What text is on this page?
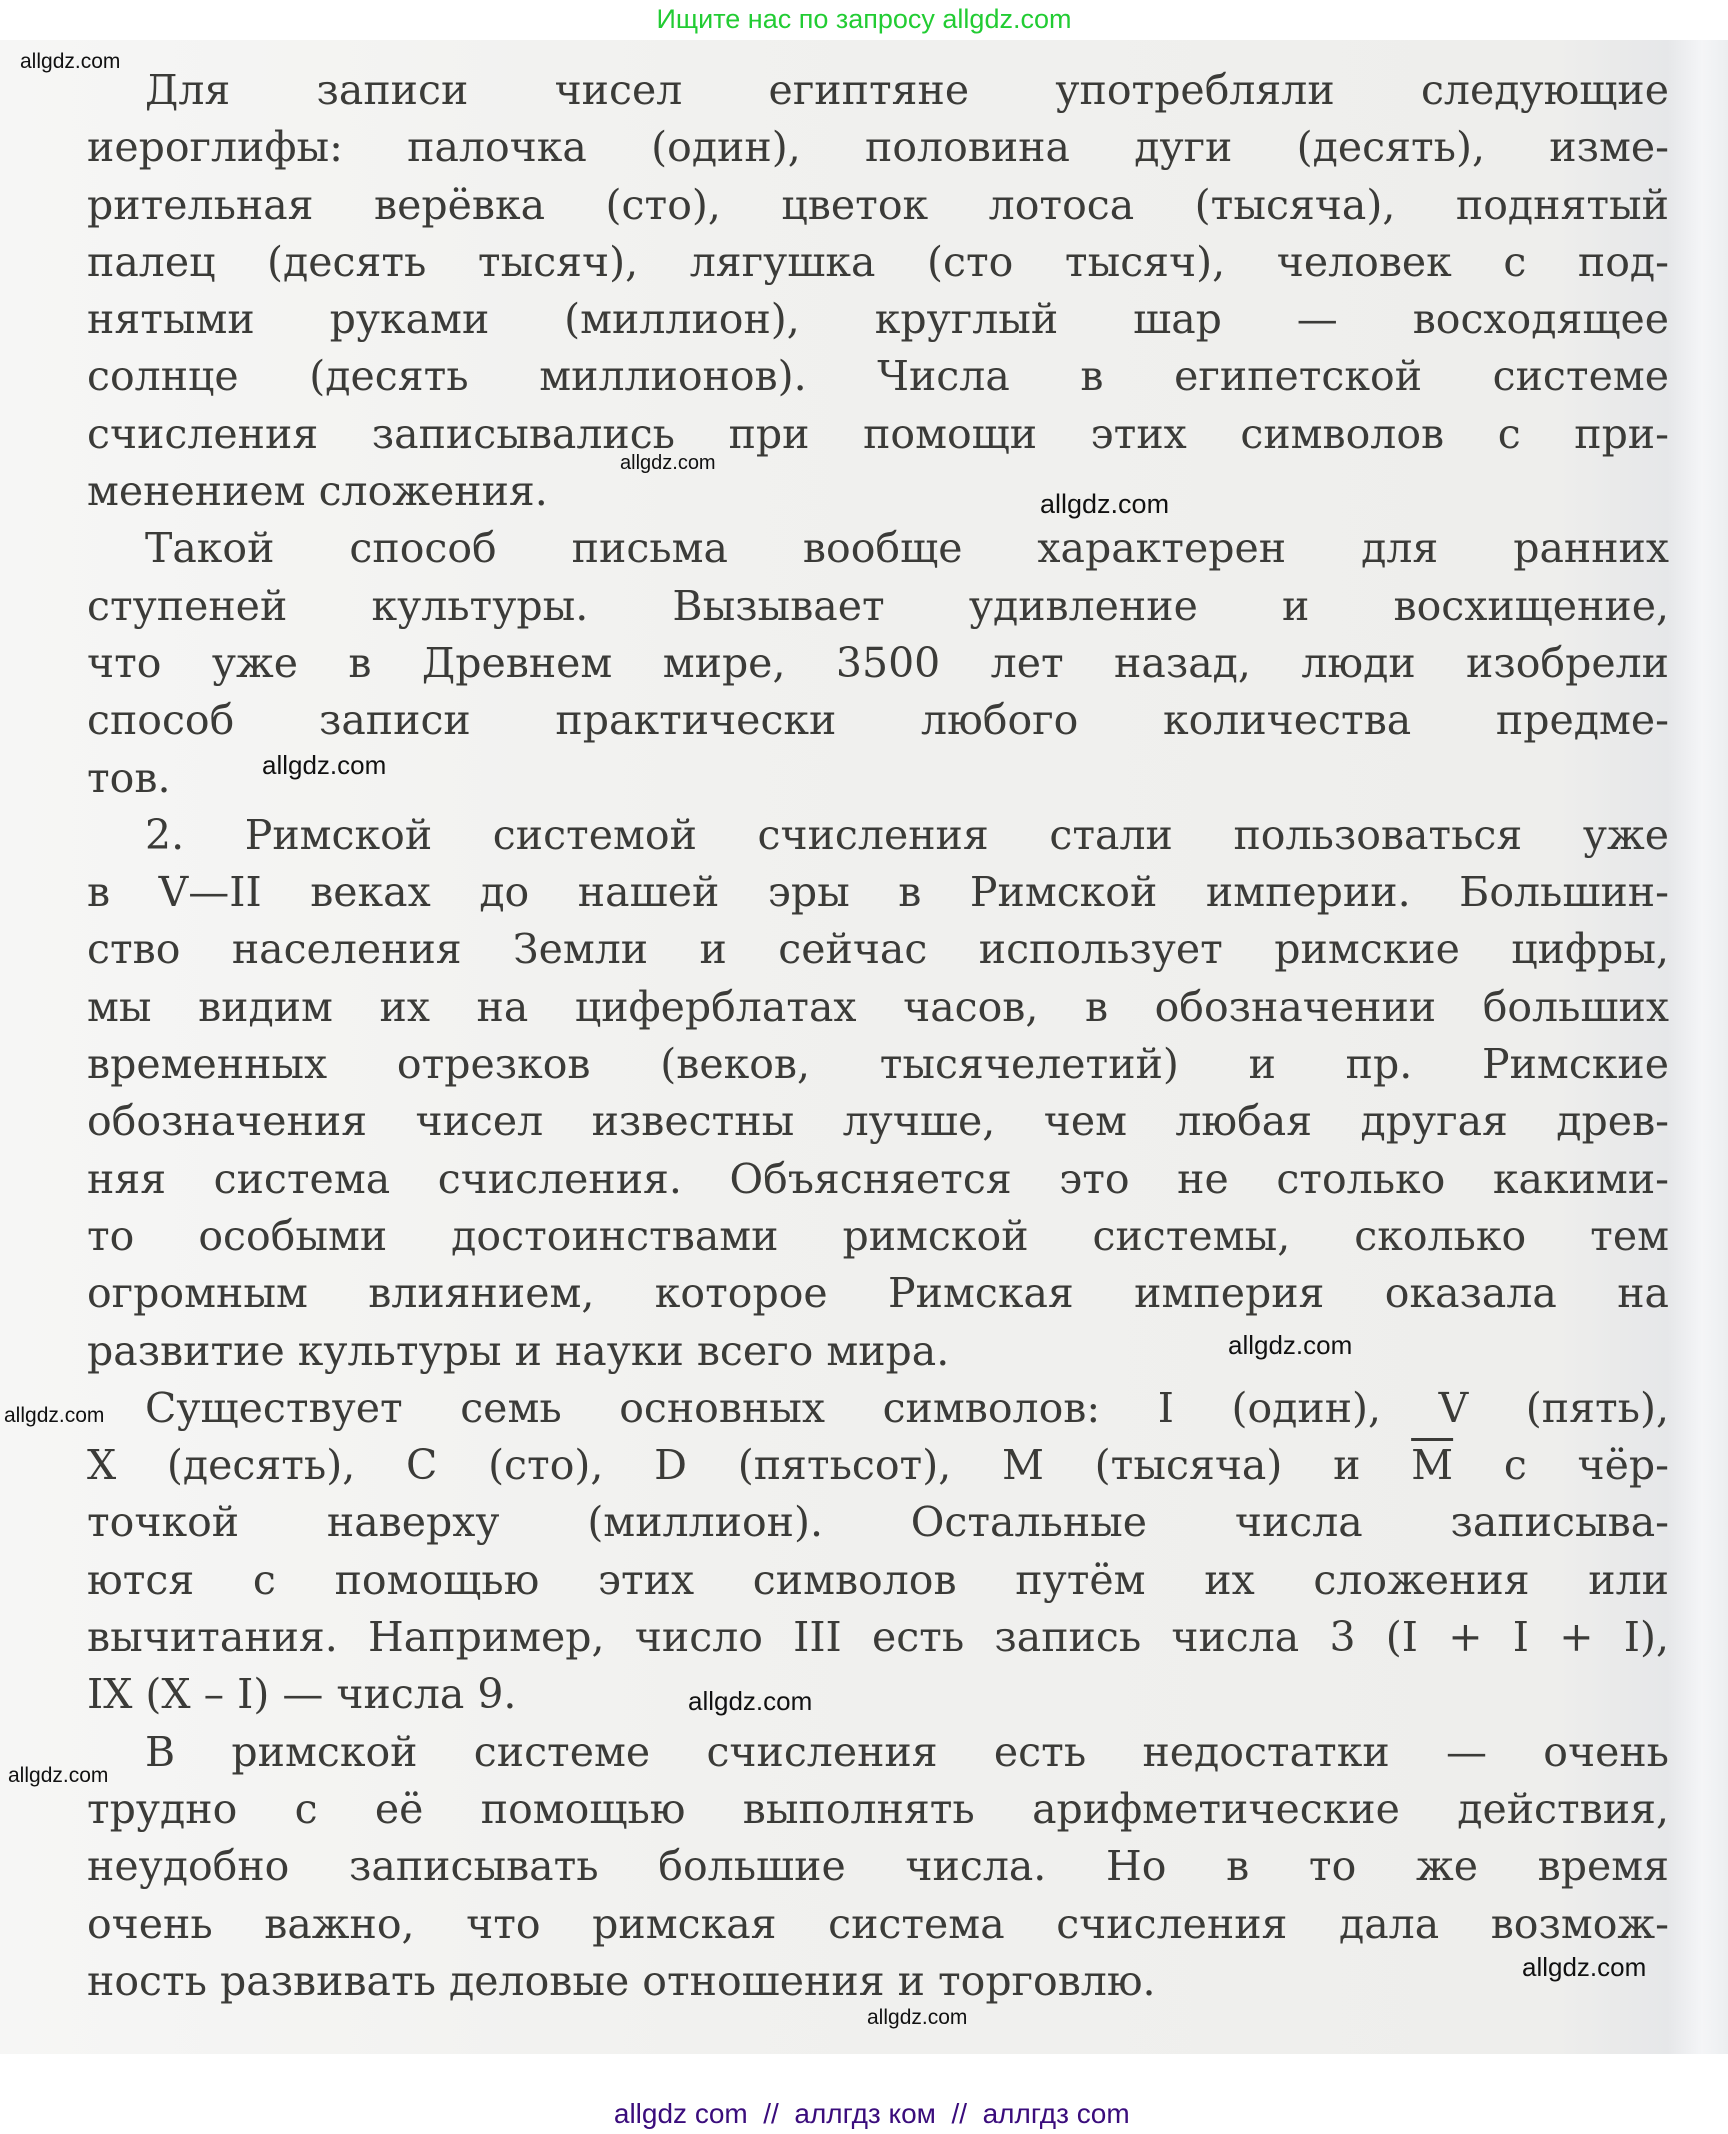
Ищите нас по запросу allgdz.com
Для записи чисел египтяне употребляли следующие
иероглифы: палочка (один), половина дуги (десять), изме-
рительная верёвка (сто), цветок лотоса (тысяча), поднятый
палец (десять тысяч), лягушка (сто тысяч), человек с под-
нятыми руками (миллион), круглый шар — восходящее
солнце (десять миллионов). Числа в египетской системе
счисления записывались при помощи этих символов с при-
менением сложения.
Такой способ письма вообще характерен для ранних
ступеней культуры. Вызывает удивление и восхищение,
что уже в Древнем мире, 3500 лет назад, люди изобрели
способ записи практически любого количества предме-
тов.
2. Римской системой счисления стали пользоваться уже
в V—II веках до нашей эры в Римской империи. Большин-
ство населения Земли и сейчас использует римские цифры,
мы видим их на циферблатах часов, в обозначении больших
временных отрезков (веков, тысячелетий) и пр. Римские
обозначения чисел известны лучше, чем любая другая древ-
няя система счисления. Объясняется это не столько какими-
то особыми достоинствами римской системы, сколько тем
огромным влиянием, которое Римская империя оказала на
развитие культуры и науки всего мира.
Существует семь основных символов: I (один), V (пять),
X (десять), C (сто), D (пятьсот), M (тысяча) и $\overline{M}$ с чёр-
точкой наверху (миллион). Остальные числа записыва-
ются с помощью этих символов путём их сложения или
вычитания. Например, число III есть запись числа 3 (I + I + I),
IX (X – I) — числа 9.
В римской системе счисления есть недостатки — очень
трудно с её помощью выполнять арифметические действия,
неудобно записывать большие числа. Но в то же время
очень важно, что римская система счисления дала возмож-
ность развивать деловые отношения и торговлю.
allgdz.com
allgdz.com
allgdz.com
allgdz.com
allgdz.com
allgdz.com
allgdz.com
allgdz.com
allgdz.com
allgdz.com

allgdz com  //  аллгдз ком  //  аллгдз com
